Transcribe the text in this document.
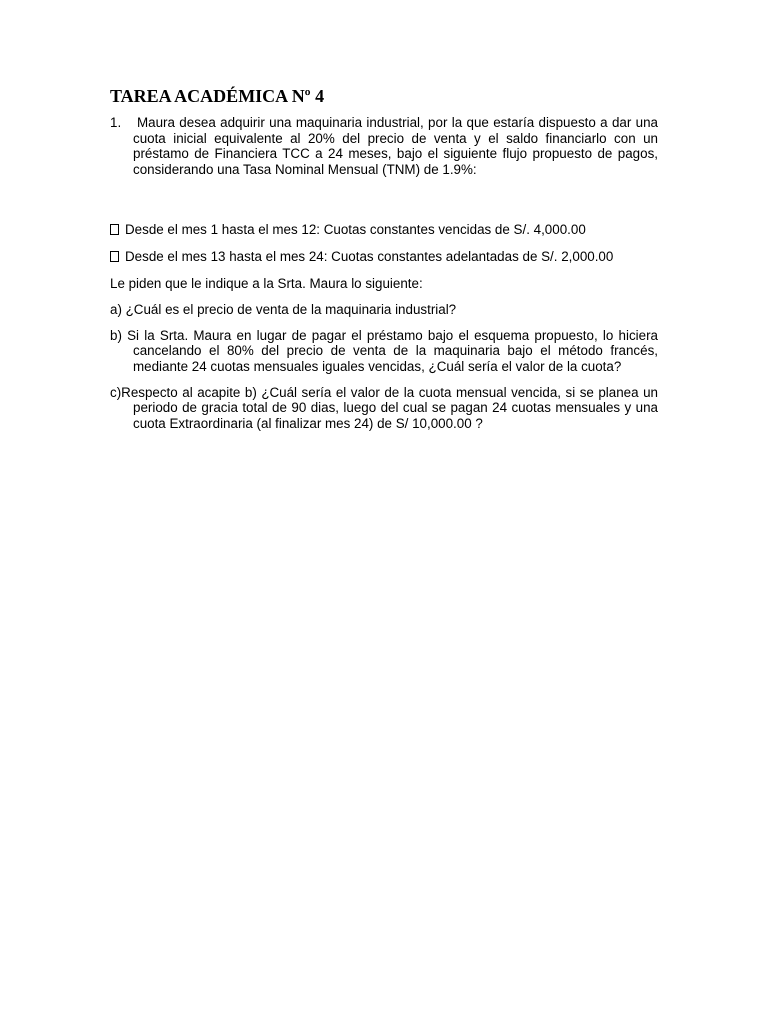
TAREA ACADÉMICA Nº 4

1. Maura desea adquirir una maquinaria industrial, por la que estaría dispuesto a dar una cuota inicial equivalente al 20% del precio de venta y el saldo financiarlo con un préstamo de Financiera TCC a 24 meses, bajo el siguiente flujo propuesto de pagos, considerando una Tasa Nominal Mensual (TNM) de 1.9%:

Desde el mes 1 hasta el mes 12: Cuotas constantes vencidas de S/. 4,000.00

Desde el mes 13 hasta el mes 24: Cuotas constantes adelantadas de S/. 2,000.00

Le piden que le indique a la Srta. Maura lo siguiente:

a) ¿Cuál es el precio de venta de la maquinaria industrial?

b) Si la Srta. Maura en lugar de pagar el préstamo bajo el esquema propuesto, lo hiciera cancelando el 80% del precio de venta de la maquinaria bajo el método francés, mediante 24 cuotas mensuales iguales vencidas, ¿Cuál sería el valor de la cuota?

c)Respecto al acapite b) ¿Cuál sería el valor de la cuota mensual vencida, si se planea un periodo de gracia total de 90 dias, luego del cual se pagan 24 cuotas mensuales y una cuota Extraordinaria (al finalizar mes 24) de S/ 10,000.00 ?
